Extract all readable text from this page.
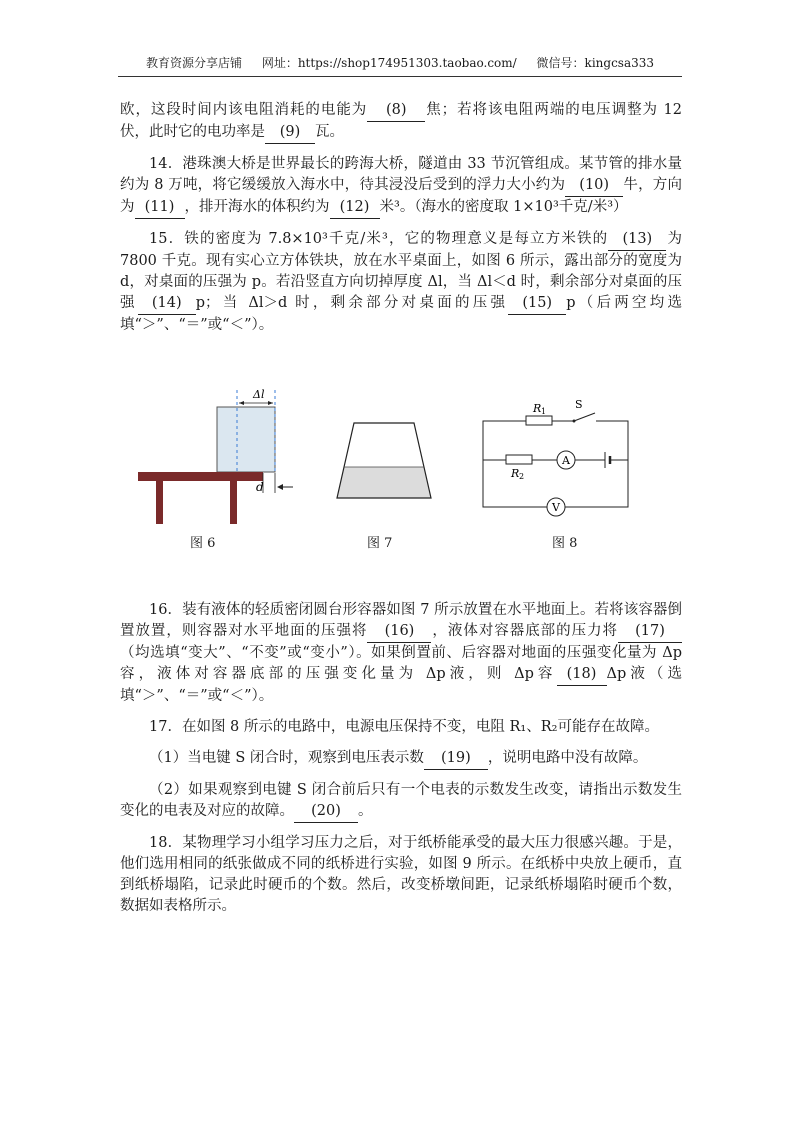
教育资源分享店铺 网址：https://shop174951303.taobao.com/ 微信号：kingcsa333

欧，这段时间内该电阻消耗的电能为 (8) 焦；若将该电阻两端的电压调整为 12 伏，此时它的电功率是 (9) 瓦。

14．港珠澳大桥是世界最长的跨海大桥，隧道由 33 节沉管组成。某节管的排水量约为 8 万吨，将它缓缓放入海水中，待其浸没后受到的浮力大小约为 (10) 牛，方向为 (11) ，排开海水的体积约为 (12) 米³。（海水的密度取 1×10³千克/米³）

15．铁的密度为 7.8×10³千克/米³，它的物理意义是每立方米铁的 (13) 为 7800 千克。现有实心立方体铁块，放在水平桌面上，如图 6 所示，露出部分的宽度为 d，对桌面的压强为 p。若沿竖直方向切掉厚度 Δl，当 Δl＜d 时，剩余部分对桌面的压强 (14) p；当 Δl＞d 时，剩余部分对桌面的压强 (15) p（后两空均选填“＞”、“＝”或“＜”）。

Δl
d
图 6	图 7
R 1
S
R 2
A
V
图 8

16．装有液体的轻质密闭圆台形容器如图 7 所示放置在水平地面上。若将该容器倒置放置，则容器对水平地面的压强将 (16) ，液体对容器底部的压力将 (17)（均选填“变大”、“不变”或“变小”）。如果倒置前、后容器对地面的压强变化量为 Δp容，液体对容器底部的压强变化量为 Δp液，则 Δp容 (18) Δp液（选填“＞”、“＝”或“＜”）。

17．在如图 8 所示的电路中，电源电压保持不变，电阻 R₁、R₂可能存在故障。

（1）当电键 S 闭合时，观察到电压表示数 (19) ，说明电路中没有故障。

（2）如果观察到电键 S 闭合前后只有一个电表的示数发生改变，请指出示数发生变化的电表及对应的故障。 (20) 。

18．某物理学习小组学习压力之后，对于纸桥能承受的最大压力很感兴趣。于是，他们选用相同的纸张做成不同的纸桥进行实验，如图 9 所示。在纸桥中央放上硬币，直到纸桥塌陷，记录此时硬币的个数。然后，改变桥墩间距，记录纸桥塌陷时硬币个数，数据如表格所示。
